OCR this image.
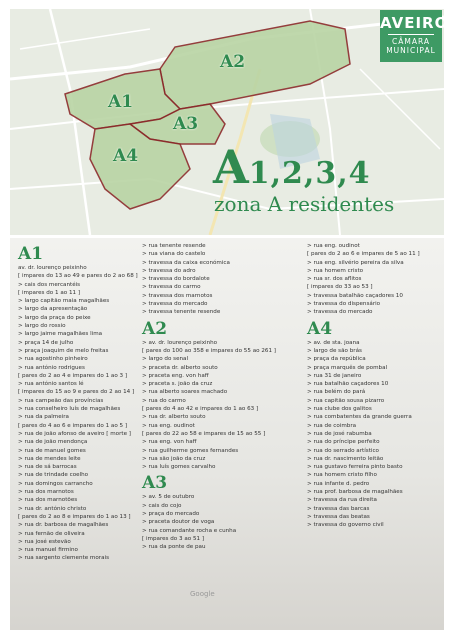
A1
A2
A3
A4
AVEIRO
CÂMARA
MUNICIPAL
A1,2,3,4
zona A residentes
A1
av. dr. lourenço peixinho
[ impares do 13 ao 49 e pares do 2 ao 68 ]
> cais dos mercantéis
[ impares do 1 ao 11 ]
> largo capitão maia magalhães
> largo da apresentação
> largo da praça do peixe
> largo do rossio
> largo jaime magalhães lima
> praça 14 de julho
> praça joaquim de melo freitas
> rua agostinho pinheiro
> rua antónio rodrigues
[ pares do 2 ao 4 e impares do 1 ao 3 ]
> rua antónio santos lé
[ impares do 15 ao 9 e pares do 2 ao 14 ]
> rua campeão das províncias
> rua conselheiro luís de magalhães
> rua da palmeira
[ pares do 4 ao 6 e impares do 1 ao 5 ]
> rua de joão afonso de aveiro [ morte ]
> rua de joão mendonça
> rua de manuel gomes
> rua de mendes leite
> rua de sá barrocas
> rua de trindade coelho
> rua domingos carrancho
> rua dos marnotos
> rua dos marnotões
> rua dr. antónio christo
[ pares do 2 ao 8 e impares do 1 ao 13 ]
> rua dr. barbosa de magalhães
> rua fernão de oliveira
> rua josé estevão
> rua manuel firmino
> rua sargento clemente morais
> rua tenente resende
> rua viana do castelo
> travessa da caixa económica
> travessa do adro
> travessa do bordalote
> travessa do carmo
> travessa dos marnotos
> travessa do mercado
> travessa tenente resende
A2
> av. dr. lourenço peixinho
[ pares do 100 ao 358 e impares do 55 ao 261 ]
> largo do senal
> praceta dr. alberto souto
> praceta eng. von haff
> praceta s. joão da cruz
> rua alberto soares machado
> rua do carmo
[ pares do 4 ao 42 e impares do 1 ao 63 ]
> rua dr. alberto souto
> rua eng. oudinot
[ pares do 22 ao 58 e impares de 15 ao 55 ]
> rua eng. von haff
> rua guilherme gomes fernandes
> rua são joão da cruz
> rua luís gomes carvalho
A3
> av. 5 de outubro
> cais do cojo
> praça do mercado
> praceta doutor de voga
> rua comandante rocha e cunha
[ impares do 3 ao 51 ]
> rua da ponte de pau
> rua eng. oudinot
[ pares do 2 ao 6 e impares de 5 ao 11 ]
> rua eng. silvério pereira da silva
> rua homem cristo
> rua sr. dos aflitos
[ impares do 33 ao 53 ]
> travessa batalhão caçadores 10
> travessa do dispensário
> travessa do mercado
A4
> av. de sta. joana
> largo de são brás
> praça da república
> praça marquês de pombal
> rua 31 de janeiro
> rua batalhão caçadores 10
> rua belém do pará
> rua capitão sousa pizarro
> rua clube dos galitos
> rua combatentes da grande guerra
> rua de coimbra
> rua de josé rabumba
> rua do príncipe perfeito
> rua do serrado artístico
> rua dr. nascimento leitão
> rua gustavo ferreira pinto basto
> rua homem cristo filho
> rua infante d. pedro
> rua prof. barbosa de magalhães
> travessa da rua direita
> travessa das barcas
> travessa das beatas
> travessa do governo civil
Google
